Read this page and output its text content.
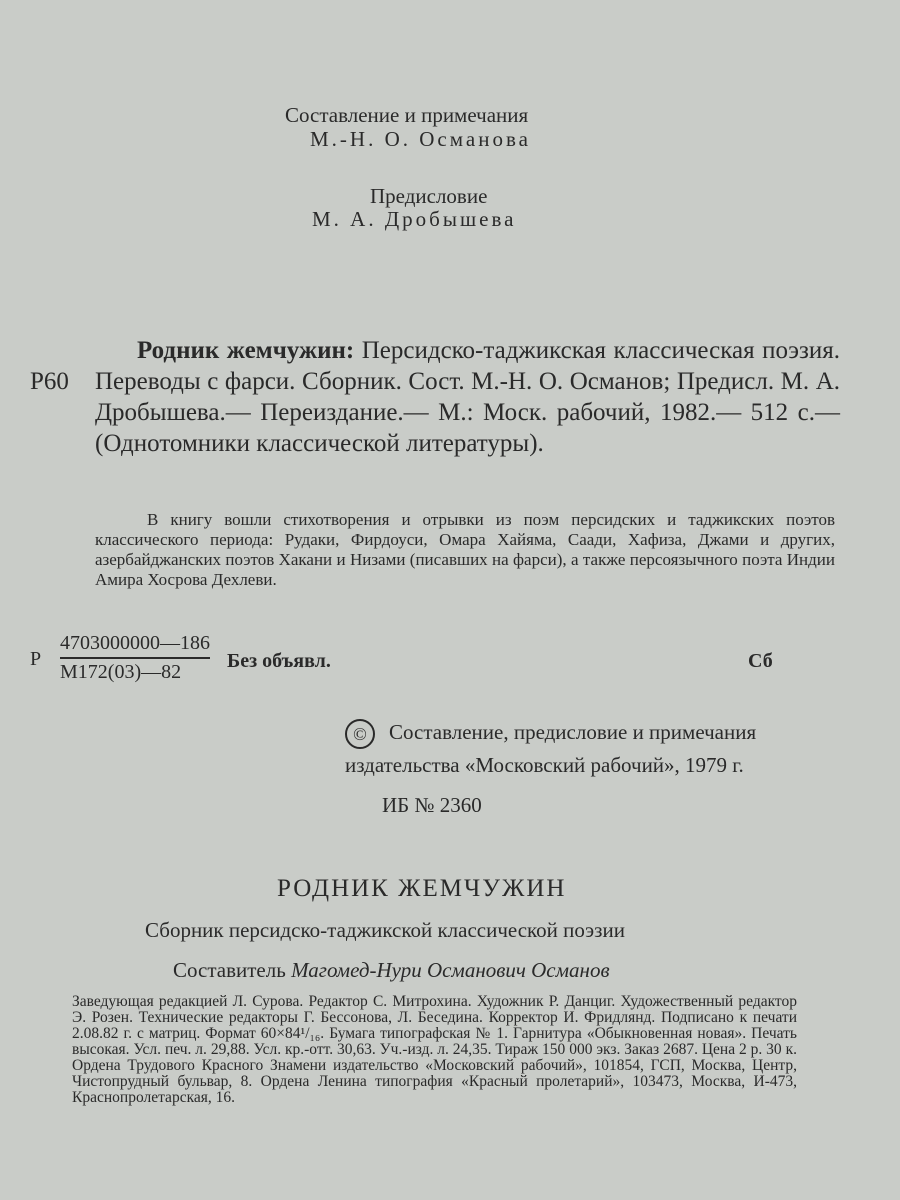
Составление и примечания
М.-Н. О. Османова
Предисловие
М. А. Дробышева
Р60
Родник жемчужин: Персидско-таджикская классическая поэзия. Переводы с фарси. Сборник. Сост. М.-Н. О. Османов; Предисл. М. А. Дробышева.— Переиздание.— М.: Моск. рабочий, 1982.— 512 с.— (Однотомники классической литературы).
В книгу вошли стихотворения и отрывки из поэм персидских и таджикских поэтов классического периода: Рудаки, Фирдоуси, Омара Хайяма, Саади, Хафиза, Джами и других, азербайджанских поэтов Хакани и Низами (писавших на фарси), а также персоязычного поэта Индии Амира Хосрова Дехлеви.
Р
4703000000—186
М172(03)—82	Без объявл.	Сб
© Составление, предисловие и примечания
издательства «Московский рабочий», 1979 г.
ИБ № 2360
РОДНИК ЖЕМЧУЖИН
Сборник персидско-таджикской классической поэзии
Составитель Магомед-Нури Османович Османов
Заведующая редакцией Л. Сурова. Редактор С. Митрохина. Художник Р. Данциг. Художественный редактор Э. Розен. Технические редакторы Г. Бессонова, Л. Беседина. Корректор И. Фридлянд. Подписано к печати 2.08.82 г. с матриц. Формат 60×84¹/₁₆. Бумага типографская № 1. Гарнитура «Обыкновенная новая». Печать высокая. Усл. печ. л. 29,88. Усл. кр.-отт. 30,63. Уч.-изд. л. 24,35. Тираж 150 000 экз. Заказ 2687. Цена 2 р. 30 к. Ордена Трудового Красного Знамени издательство «Московский рабочий», 101854, ГСП, Москва, Центр, Чистопрудный бульвар, 8. Ордена Ленина типография «Красный пролетарий», 103473, Москва, И-473, Краснопролетарская, 16.
